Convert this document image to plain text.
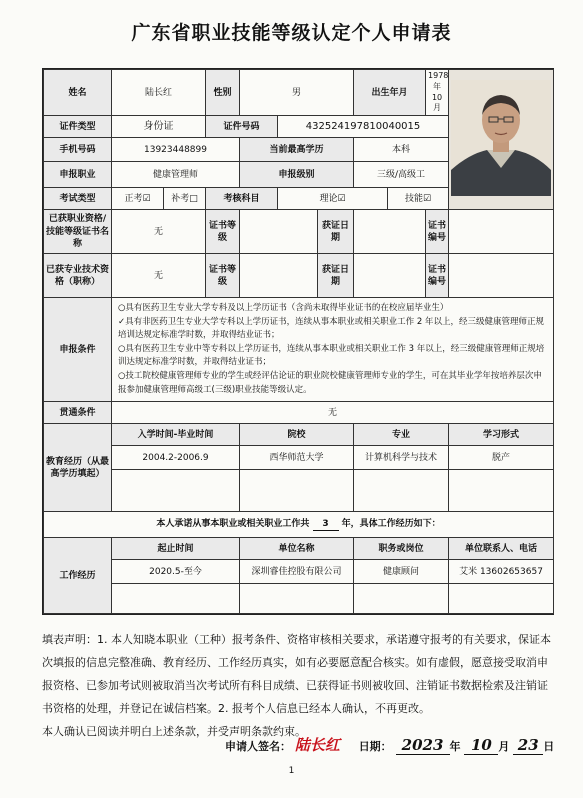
广东省职业技能等级认定个人申请表
姓名	陆长红		性别	男			出生年月		1978 年 10 月	
证件类型	身份证		证件号码		432524197810040015					
手机号码	13923448899			当前最高学历			本科			
申报职业	健康管理师			申报级别			三级/高级工			
考试类型	正考☑	补考□	考核科目		理论☑			技能☑		
已获职业资格/技能等级证书名称	无		证书等级			获证日期			证书编号	
已获专业技术资格（职称）	无		证书等级			获证日期			证书编号	
申报条件	○具有医药卫生专业大学专科及以上学历证书（含尚未取得毕业证书的在校应届毕业生）
✓具有非医药卫生专业大学专科以上学历证书，连续从事本职业或相关职业工作 2 年以上，经三级健康管理师正规培训达规定标准学时数，并取得结业证书；
○具有医药卫生专业中等专科以上学历证书，连续从事本职业或相关职业工作 3 年以上，经三级健康管理师正规培训达规定标准学时数，并取得结业证书；
○技工院校健康管理师专业的学生或经评估论证的职业院校健康管理师专业的学生，可在其毕业学年按培养层次申报参加健康管理师高级工(三级)职业技能等级认定。									

贯通条件	无									
教育经历（从最高学历填起）	入学时间-毕业时间			院校			专业			学习形式
	2004.2-2006.9			西华师范大学			计算机科学与技术			脱产

本人承诺从事本职业或相关职业工作共 3 年，具体工作经历如下：										
工作经历	起止时间			单位名称			职务或岗位			单位联系人、电话
	2020.5-至今			深圳睿佳控股有限公司			健康顾问			艾米 13602653657

填表声明：1. 本人知晓本职业（工种）报考条件、资格审核相关要求，承诺遵守报考的有关要求，保证本次填报的信息完整准确、教育经历、工作经历真实，如有必要愿意配合核实。如有虚假，愿意接受取消申报资格、已参加考试则被取消当次考试所有科目成绩、已获得证书则被收回、注销证书数据检索及注销证书资格的处理，并登记在诚信档案。2. 报考个人信息已经本人确认，不再更改。
本人确认已阅读并明白上述条款，并受声明条款约束。
申请人签名： 陆长红 日期： 2023 年 10 月 23 日
1
